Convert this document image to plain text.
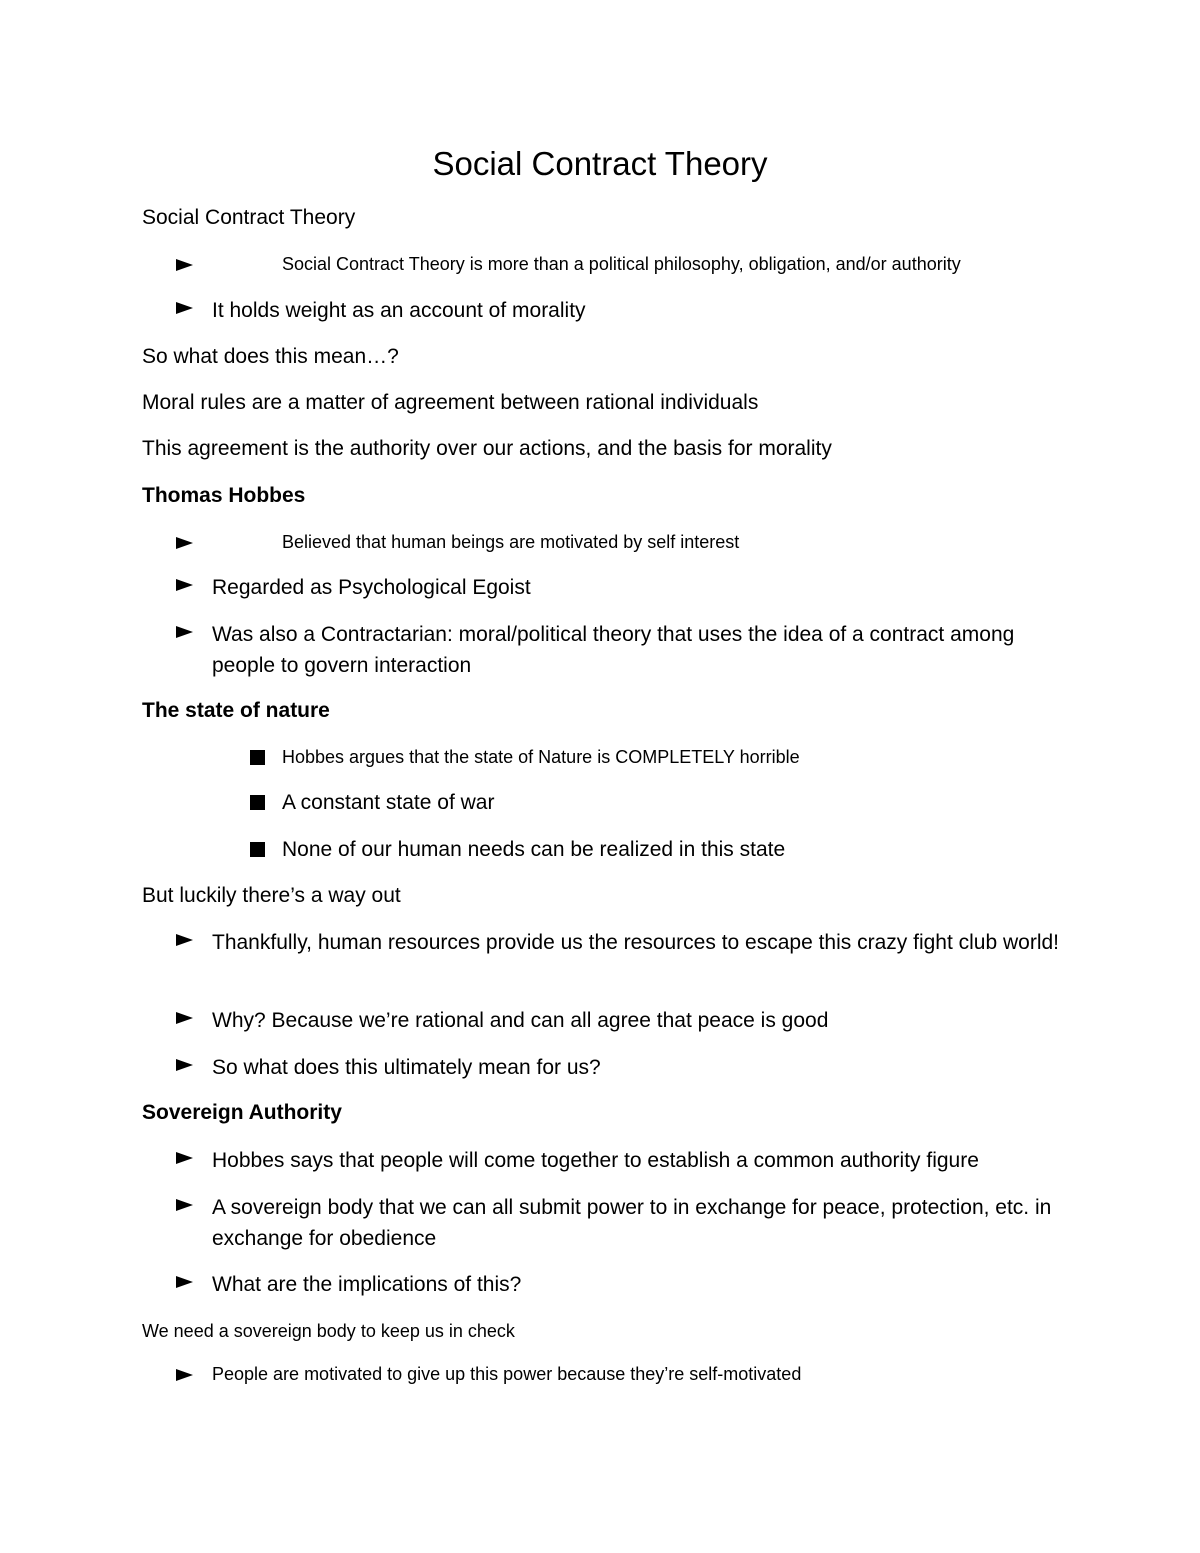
Social Contract Theory
Social Contract Theory
Social Contract Theory is more than a political philosophy, obligation, and/or authority
It holds weight as an account of morality
So what does this mean…?
Moral rules are a matter of agreement between rational individuals
This agreement is the authority over our actions, and the basis for morality
Thomas Hobbes
Believed that human beings are motivated by self interest
Regarded as Psychological Egoist
Was also a Contractarian: moral/political theory that uses the idea of a contract among people to govern interaction
The state of nature
Hobbes argues that the state of Nature is COMPLETELY horrible
A constant state of war
None of our human needs can be realized in this state
But luckily there’s a way out
Thankfully, human resources provide us the resources to escape this crazy fight club world!
Why? Because we’re rational and can all agree that peace is good
So what does this ultimately mean for us?
Sovereign Authority
Hobbes says that people will come together to establish a common authority figure
A sovereign body that we can all submit power to in exchange for peace, protection, etc. in exchange for obedience
What are the implications of this?
We need a sovereign body to keep us in check
People are motivated to give up this power because they’re self-motivated
